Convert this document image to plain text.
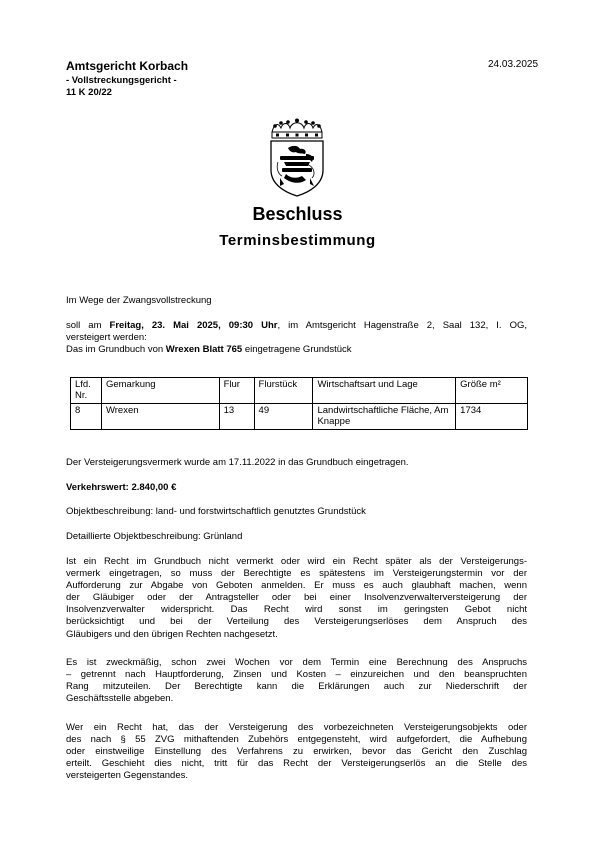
Amtsgericht Korbach
- Vollstreckungsgericht -
11 K 20/22
24.03.2025
Beschluss
Terminsbestimmung
Im Wege der Zwangsvollstreckung
soll am Freitag, 23. Mai 2025, 09:30 Uhr, im Amtsgericht Hagenstraße 2, Saal 132, I. OG,
versteigert werden:
Das im Grundbuch von Wrexen Blatt 765 eingetragene Grundstück
Lfd. Nr.	Gemarkung	Flur	Flurstück	Wirtschaftsart und Lage	Größe m²
8	Wrexen	13	49	Landwirtschaftliche Fläche, Am Knappe	1734
Der Versteigerungsvermerk wurde am 17.11.2022 in das Grundbuch eingetragen.
Verkehrswert: 2.840,00 €
Objektbeschreibung: land- und forstwirtschaftlich genutztes Grundstück
Detaillierte Objektbeschreibung: Grünland
Ist ein Recht im Grundbuch nicht vermerkt oder wird ein Recht später als der Versteigerungs-
vermerk eingetragen, so muss der Berechtigte es spätestens im Versteigerungstermin vor der
Aufforderung zur Abgabe von Geboten anmelden. Er muss es auch glaubhaft machen, wenn
der Gläubiger oder der Antragsteller oder bei einer Insolvenzverwalterversteigerung der
Insolvenzverwalter widerspricht. Das Recht wird sonst im geringsten Gebot nicht
berücksichtigt und bei der Verteilung des Versteigerungserlöses dem Anspruch des
Gläubigers und den übrigen Rechten nachgesetzt.
Es ist zweckmäßig, schon zwei Wochen vor dem Termin eine Berechnung des Anspruchs
– getrennt nach Hauptforderung, Zinsen und Kosten – einzureichen und den beanspruchten
Rang mitzuteilen. Der Berechtigte kann die Erklärungen auch zur Niederschrift der
Geschäftsstelle abgeben.
Wer ein Recht hat, das der Versteigerung des vorbezeichneten Versteigerungsobjekts oder
des nach § 55 ZVG mithaftenden Zubehörs entgegensteht, wird aufgefordert, die Aufhebung
oder einstweilige Einstellung des Verfahrens zu erwirken, bevor das Gericht den Zuschlag
erteilt. Geschieht dies nicht, tritt für das Recht der Versteigerungserlös an die Stelle des
versteigerten Gegenstandes.
